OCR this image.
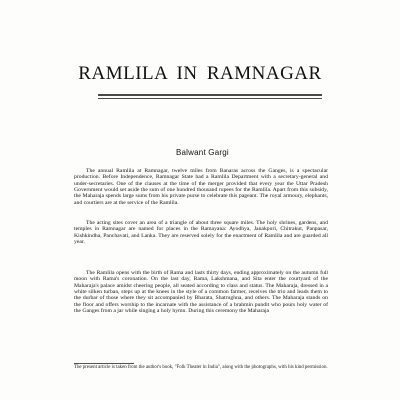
RAMLILA IN RAMNAGAR
Balwant Gargi

The annual Ramlila at Ramnagar, twelve miles from Banaras across the Ganges, is a spectacular production. Before Independence, Ramnagar State had a Ramlila Department with a secretary-general and under-secretaries. One of the clauses at the time of the merger provided that every year the Uttar Pradesh Government would set aside the sum of one hundred thousand rupees for the Ramlila. Apart from this subsidy, the Maharaja spends large sums from his private purse to celebrate this pageant. The royal armoury, elephants, and courtiers are at the service of the Ramlila.

The acting sites cover an area of a triangle of about three square miles. The holy shrines, gardens, and temples in Ramnagar are named for places in the Ramayana: Ayodhya, Janakpuri, Chitrakut, Panpasar, Kishkindha, Panchavati, and Lanka. They are reserved solely for the enactment of Ramlila and are guarded all year.

The Ramlila opens with the birth of Rama and lasts thirty days, ending approximately on the autumn full moon with Rama's coronation. On the last day, Rama, Lakshmana, and Sita enter the courtyard of the Maharaja's palace amidst cheering people, all seated according to class and status. The Maharaja, dressed in a white silken turban, steps up at the knees in the style of a common farmer, receives the trio and leads them to the durbar of those where they sit accompanied by Bharata, Shatrughna, and others. The Maharaja stands on the floor and offers worship to the incarnate with the assistance of a brahmin pundit who pours holy water of the Ganges from a jar while singing a holy hymn. During this ceremony the Maharaja

The present article is taken from the author's book, "Folk Theater in India", along with the photographs, with his kind permission.
